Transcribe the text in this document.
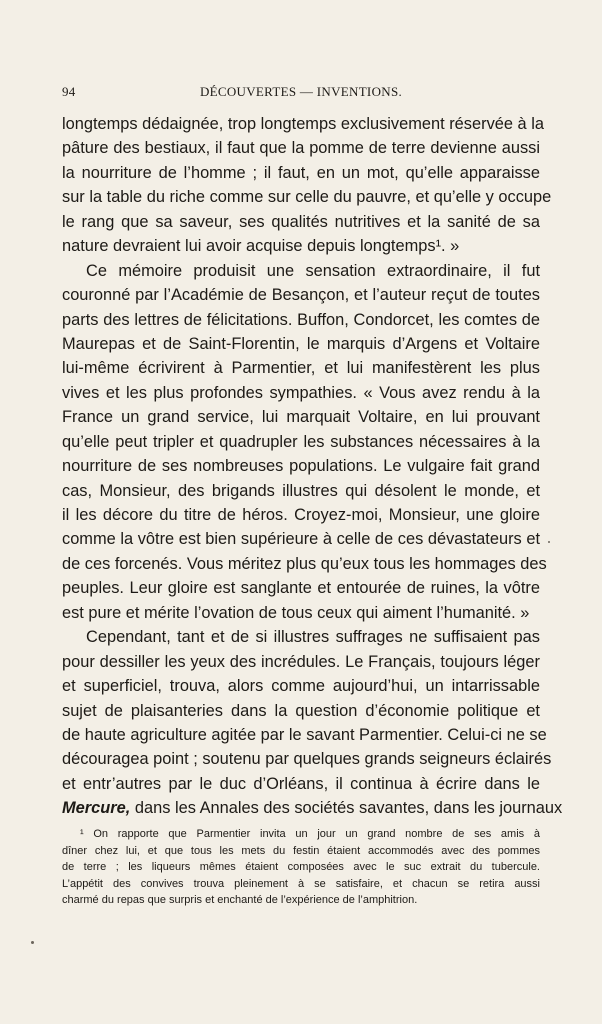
94	DÉCOUVERTES — INVENTIONS.
longtemps dédaignée, trop longtemps exclusivement réservée à la
pâture des bestiaux, il faut que la pomme de terre devienne aussi
la nourriture de l’homme ; il faut, en un mot, qu’elle apparaisse
sur la table du riche comme sur celle du pauvre, et qu’elle y occupe
le rang que sa saveur, ses qualités nutritives et la sanité de sa
nature devraient lui avoir acquise depuis longtemps¹. »
Ce mémoire produisit une sensation extraordinaire, il fut
couronné par l’Académie de Besançon, et l’auteur reçut de toutes
parts des lettres de félicitations. Buffon, Condorcet, les comtes de
Maurepas et de Saint-Florentin, le marquis d’Argens et Voltaire
lui-même écrivirent à Parmentier, et lui manifestèrent les plus
vives et les plus profondes sympathies. « Vous avez rendu à la
France un grand service, lui marquait Voltaire, en lui prouvant
qu’elle peut tripler et quadrupler les substances nécessaires à la
nourriture de ses nombreuses populations. Le vulgaire fait grand
cas, Monsieur, des brigands illustres qui désolent le monde, et
il les décore du titre de héros. Croyez-moi, Monsieur, une gloire
comme la vôtre est bien supérieure à celle de ces dévastateurs et
de ces forcenés. Vous méritez plus qu’eux tous les hommages des
peuples. Leur gloire est sanglante et entourée de ruines, la vôtre
est pure et mérite l’ovation de tous ceux qui aiment l’humanité. »
Cependant, tant et de si illustres suffrages ne suffisaient pas
pour dessiller les yeux des incrédules. Le Français, toujours léger
et superficiel, trouva, alors comme aujourd’hui, un intarrissable
sujet de plaisanteries dans la question d’économie politique et
de haute agriculture agitée par le savant Parmentier. Celui-ci ne se
découragea point ; soutenu par quelques grands seigneurs éclairés
et entr’autres par le duc d’Orléans, il continua à écrire dans le
Mercure, dans les Annales des sociétés savantes, dans les journaux
¹ On rapporte que Parmentier invita un jour un grand nombre de ses amis à
dîner chez lui, et que tous les mets du festin étaient accommodés avec des pommes
de terre ; les liqueurs mêmes étaient composées avec le suc extrait du tubercule.
L’appétit des convives trouva pleinement à se satisfaire, et chacun se retira aussi
charmé du repas que surpris et enchanté de l’expérience de l’amphitrion.
